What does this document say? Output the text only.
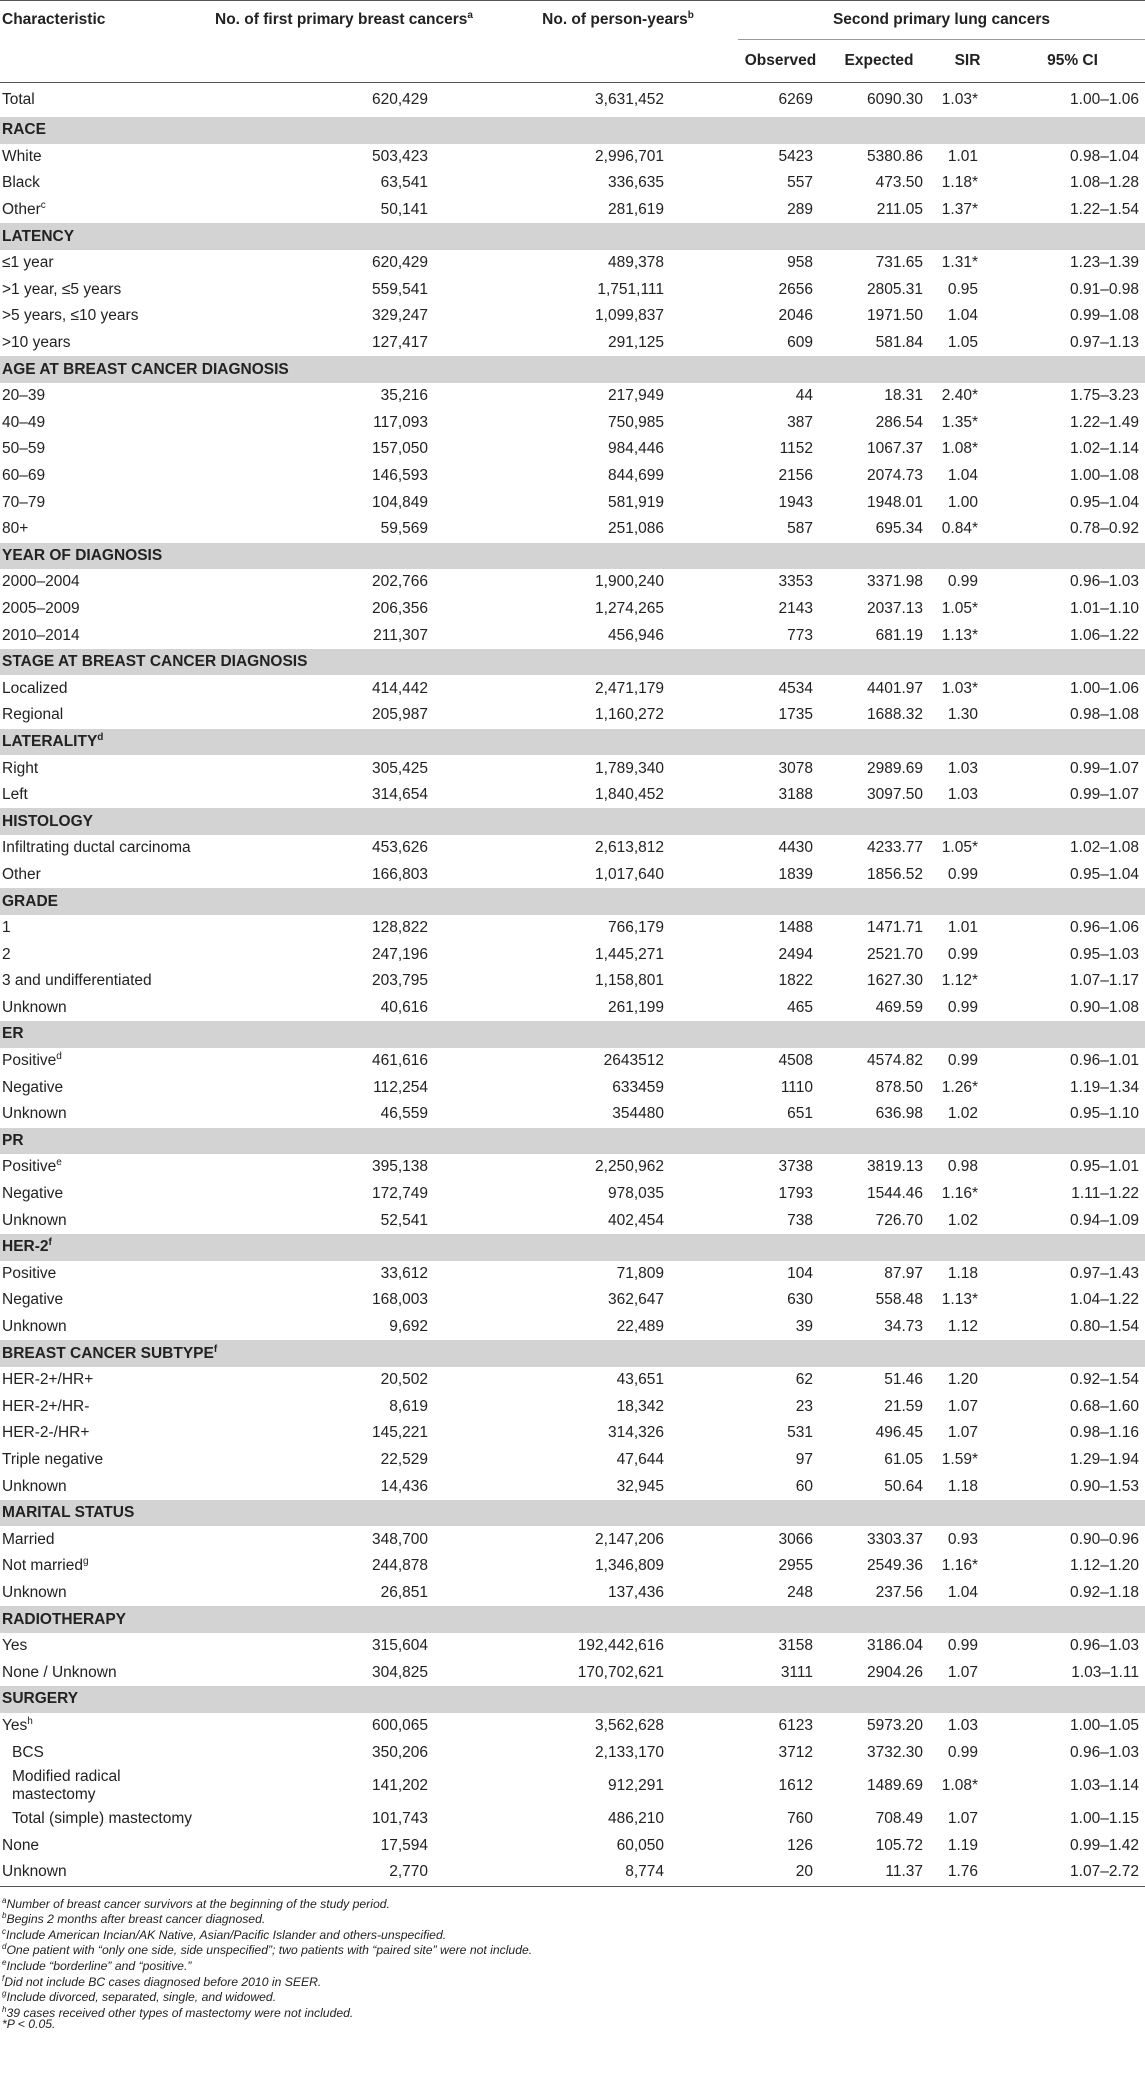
Characteristic	No. of first primary breast cancers$^a$	No. of person-years$^b$	Second primary lung cancers			
			Observed	Expected	SIR	95% CI
Total	620,429	3,631,452	6269	6090.30	1.03*	1.00–1.06
RACE						
White	503,423	2,996,701	5423	5380.86	1.01	0.98–1.04
Black	63,541	336,635	557	473.50	1.18*	1.08–1.28
Other$^c$	50,141	281,619	289	211.05	1.37*	1.22–1.54
LATENCY						
≤1 year	620,429	489,378	958	731.65	1.31*	1.23–1.39
>1 year, ≤5 years	559,541	1,751,111	2656	2805.31	0.95	0.91–0.98
>5 years, ≤10 years	329,247	1,099,837	2046	1971.50	1.04	0.99–1.08
>10 years	127,417	291,125	609	581.84	1.05	0.97–1.13
AGE AT BREAST CANCER DIAGNOSIS						
20–39	35,216	217,949	44	18.31	2.40*	1.75–3.23
40–49	117,093	750,985	387	286.54	1.35*	1.22–1.49
50–59	157,050	984,446	1152	1067.37	1.08*	1.02–1.14
60–69	146,593	844,699	2156	2074.73	1.04	1.00–1.08
70–79	104,849	581,919	1943	1948.01	1.00	0.95–1.04
80+	59,569	251,086	587	695.34	0.84*	0.78–0.92
YEAR OF DIAGNOSIS						
2000–2004	202,766	1,900,240	3353	3371.98	0.99	0.96–1.03
2005–2009	206,356	1,274,265	2143	2037.13	1.05*	1.01–1.10
2010–2014	211,307	456,946	773	681.19	1.13*	1.06–1.22
STAGE AT BREAST CANCER DIAGNOSIS						
Localized	414,442	2,471,179	4534	4401.97	1.03*	1.00–1.06
Regional	205,987	1,160,272	1735	1688.32	1.30	0.98–1.08
LATERALITY$^d$
Right	305,425	1,789,340	3078	2989.69	1.03	0.99–1.07
Left	314,654	1,840,452	3188	3097.50	1.03	0.99–1.07
HISTOLOGY						
Infiltrating ductal carcinoma	453,626	2,613,812	4430	4233.77	1.05*	1.02–1.08
Other	166,803	1,017,640	1839	1856.52	0.99	0.95–1.04
GRADE						
1	128,822	766,179	1488	1471.71	1.01	0.96–1.06
2	247,196	1,445,271	2494	2521.70	0.99	0.95–1.03
3 and undifferentiated	203,795	1,158,801	1822	1627.30	1.12*	1.07–1.17
Unknown	40,616	261,199	465	469.59	0.99	0.90–1.08
ER						
Positive$^d$	461,616	2643512	4508	4574.82	0.99	0.96–1.01
Negative	112,254	633459	1110	878.50	1.26*	1.19–1.34
Unknown	46,559	354480	651	636.98	1.02	0.95–1.10
PR						
Positive$^e$	395,138	2,250,962	3738	3819.13	0.98	0.95–1.01
Negative	172,749	978,035	1793	1544.46	1.16*	1.11–1.22
Unknown	52,541	402,454	738	726.70	1.02	0.94–1.09
HER-2$^f$
Positive	33,612	71,809	104	87.97	1.18	0.97–1.43
Negative	168,003	362,647	630	558.48	1.13*	1.04–1.22
Unknown	9,692	22,489	39	34.73	1.12	0.80–1.54
BREAST CANCER SUBTYPE$^f$
HER-2+/HR+	20,502	43,651	62	51.46	1.20	0.92–1.54
HER-2+/HR-	8,619	18,342	23	21.59	1.07	0.68–1.60
HER-2-/HR+	145,221	314,326	531	496.45	1.07	0.98–1.16
Triple negative	22,529	47,644	97	61.05	1.59*	1.29–1.94
Unknown	14,436	32,945	60	50.64	1.18	0.90–1.53
MARITAL STATUS						
Married	348,700	2,147,206	3066	3303.37	0.93	0.90–0.96
Not married$^g$	244,878	1,346,809	2955	2549.36	1.16*	1.12–1.20
Unknown	26,851	137,436	248	237.56	1.04	0.92–1.18
RADIOTHERAPY						
Yes	315,604	192,442,616	3158	3186.04	0.99	0.96–1.03
None / Unknown	304,825	170,702,621	3111	2904.26	1.07	1.03–1.11
SURGERY						
Yes$^h$	600,065	3,562,628	6123	5973.20	1.03	1.00–1.05
BCS	350,206	2,133,170	3712	3732.30	0.99	0.96–1.03
Modified radical mastectomy	141,202	912,291	1612	1489.69	1.08*	1.03–1.14
Total (simple) mastectomy	101,743	486,210	760	708.49	1.07	1.00–1.15
None	17,594	60,050	126	105.72	1.19	0.99–1.42
Unknown	2,770	8,774	20	11.37	1.76	1.07–2.72
$^a$Number of breast cancer survivors at the beginning of the study period.
$^b$Begins 2 months after breast cancer diagnosed.
$^c$Include American Incian/AK Native, Asian/Pacific Islander and others-unspecified.
$^d$One patient with “only one side, side unspecified”; two patients with “paired site” were not include.
$^e$Include “borderline” and “positive.”
$^f$Did not include BC cases diagnosed before 2010 in SEER.
$^g$Include divorced, separated, single, and widowed.
$^h$39 cases received other types of mastectomy were not included.
*P < 0.05.
